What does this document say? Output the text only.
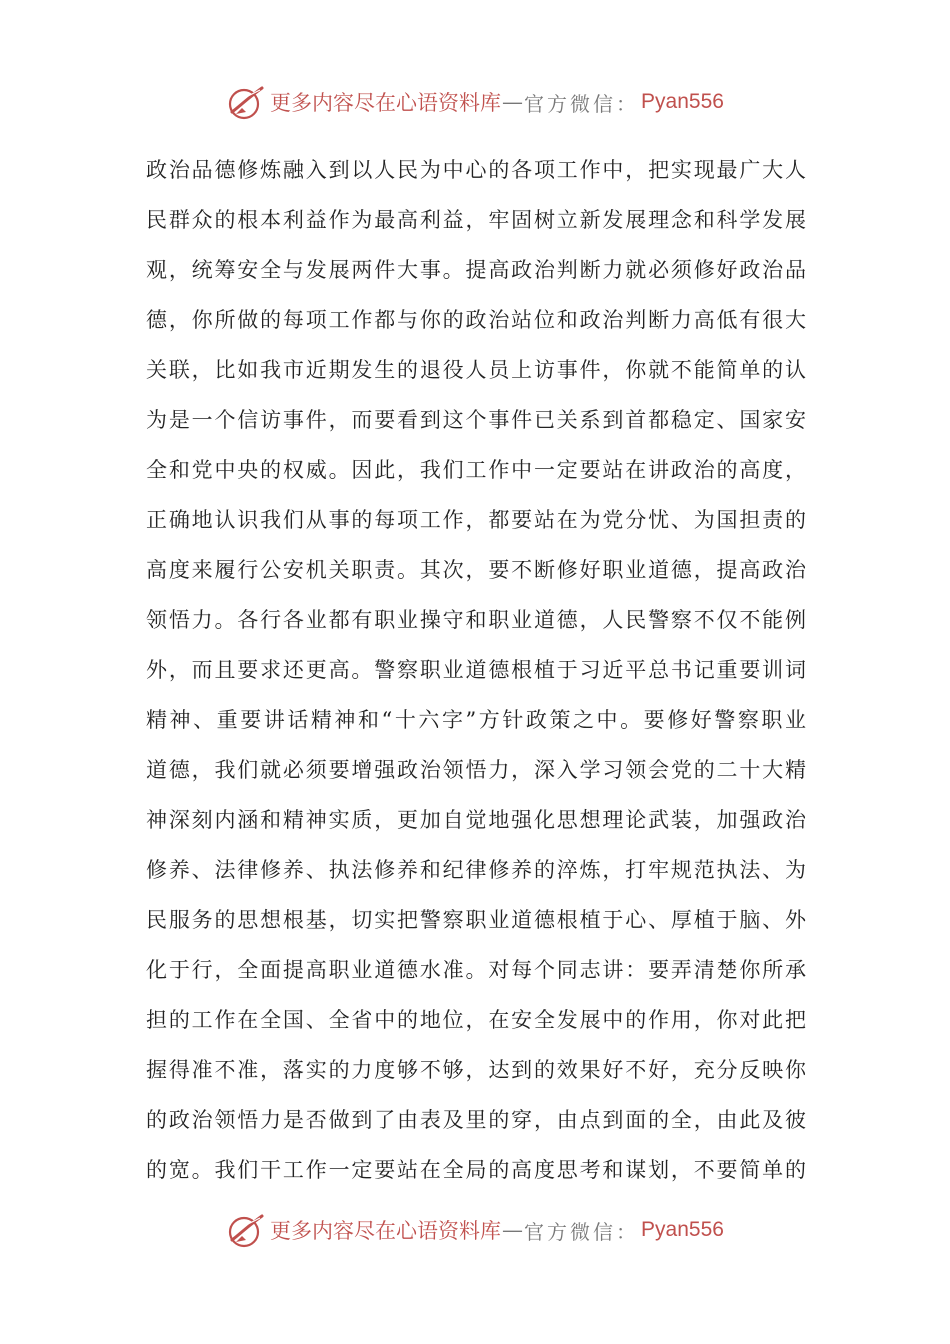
更多内容尽在心语资料库 — 官方微信： Pyan556
政治品德修炼融入到以人民为中心的各项工作中，把实现最广大人
民群众的根本利益作为最高利益，牢固树立新发展理念和科学发展
观，统筹安全与发展两件大事。提高政治判断力就必须修好政治品
德，你所做的每项工作都与你的政治站位和政治判断力高低有很大
关联，比如我市近期发生的退役人员上访事件，你就不能简单的认
为是一个信访事件，而要看到这个事件已关系到首都稳定、国家安
全和党中央的权威。因此，我们工作中一定要站在讲政治的高度，
正确地认识我们从事的每项工作，都要站在为党分忧、为国担责的
高度来履行公安机关职责。其次，要不断修好职业道德，提高政治
领悟力。各行各业都有职业操守和职业道德，人民警察不仅不能例
外，而且要求还更高。警察职业道德根植于习近平总书记重要训词
精神、重要讲话精神和“十六字”方针政策之中。要修好警察职业
道德，我们就必须要增强政治领悟力，深入学习领会党的二十大精
神深刻内涵和精神实质，更加自觉地强化思想理论武装，加强政治
修养、法律修养、执法修养和纪律修养的淬炼，打牢规范执法、为
民服务的思想根基，切实把警察职业道德根植于心、厚植于脑、外
化于行，全面提高职业道德水准。对每个同志讲：要弄清楚你所承
担的工作在全国、全省中的地位，在安全发展中的作用，你对此把
握得准不准，落实的力度够不够，达到的效果好不好，充分反映你
的政治领悟力是否做到了由表及里的穿，由点到面的全，由此及彼
的宽。我们干工作一定要站在全局的高度思考和谋划，不要简单的
更多内容尽在心语资料库 — 官方微信： Pyan556
